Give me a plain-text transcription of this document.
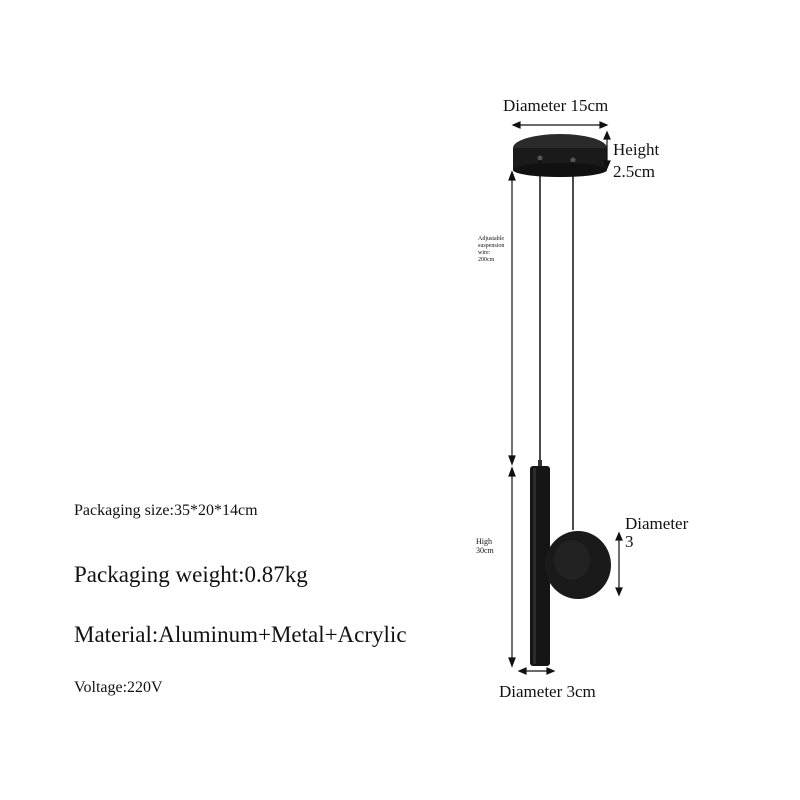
Diameter 15cm
Height
2.5cm
Adjustable
suspension
wire:
200cm
High
30cm
Diameter
3
Diameter 3cm
Packaging size:35*20*14cm
Packaging weight:0.87kg
Material:Aluminum+Metal+Acrylic
Voltage:220V
